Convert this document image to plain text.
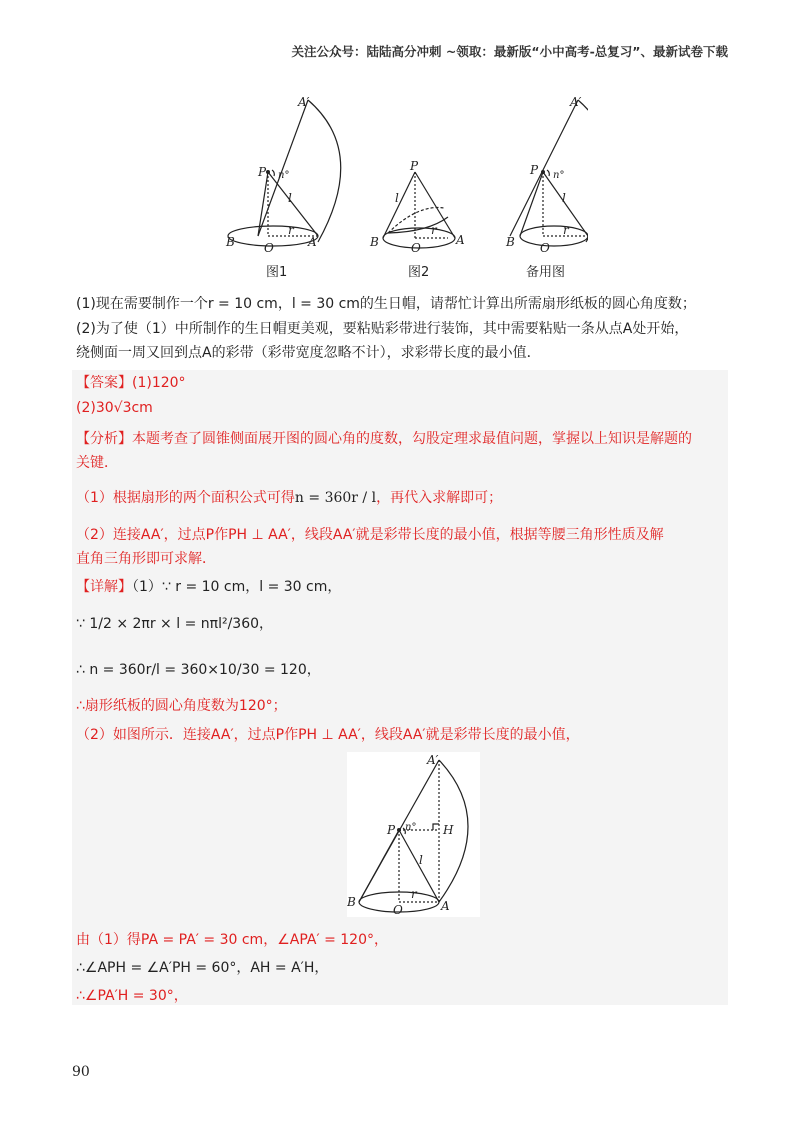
关注公众号：陆陆高分冲刺 ~领取：最新版“小中高考-总复习”、最新试卷下载
A′
P n°
l
B O
r
A
P
l
B	O
r
A
A′
P n°
l
B O
r
图1	图2	备用图
(1)现在需要制作一个r = 10 cm，l = 30 cm的生日帽，请帮忙计算出所需扇形纸板的圆心角度数；
(2)为了使（1）中所制作的生日帽更美观，要粘贴彩带进行装饰，其中需要粘贴一条从点A处开始，
绕侧面一周又回到点A的彩带（彩带宽度忽略不计），求彩带长度的最小值．
【答案】(1)120°
(2)30√3cm
【分析】本题考查了圆锥侧面展开图的圆心角的度数，勾股定理求最值问题，掌握以上知识是解题的
关键．
（1）根据扇形的两个面积公式可得n = 360r / l，再代入求解即可；
（2）连接AA′，过点P作PH ⊥ AA′，线段AA′就是彩带长度的最小值，根据等腰三角形性质及解
直角三角形即可求解．
【详解】（1）∵ r = 10 cm，l = 30 cm，
∵ 1/2 × 2πr × l = nπl²/360，
∴ n = 360r/l = 360×10/30 = 120，
∴扇形纸板的圆心角度数为120°；
（2）如图所示．连接AA′，过点P作PH ⊥ AA′，线段AA′就是彩带长度的最小值，
A′
P n° H
l
B
O
r
A
由（1）得PA = PA′ = 30 cm，∠APA′ = 120°，
∴∠APH = ∠A′PH = 60°，AH = A′H，
∴∠PA′H = 30°，
90
